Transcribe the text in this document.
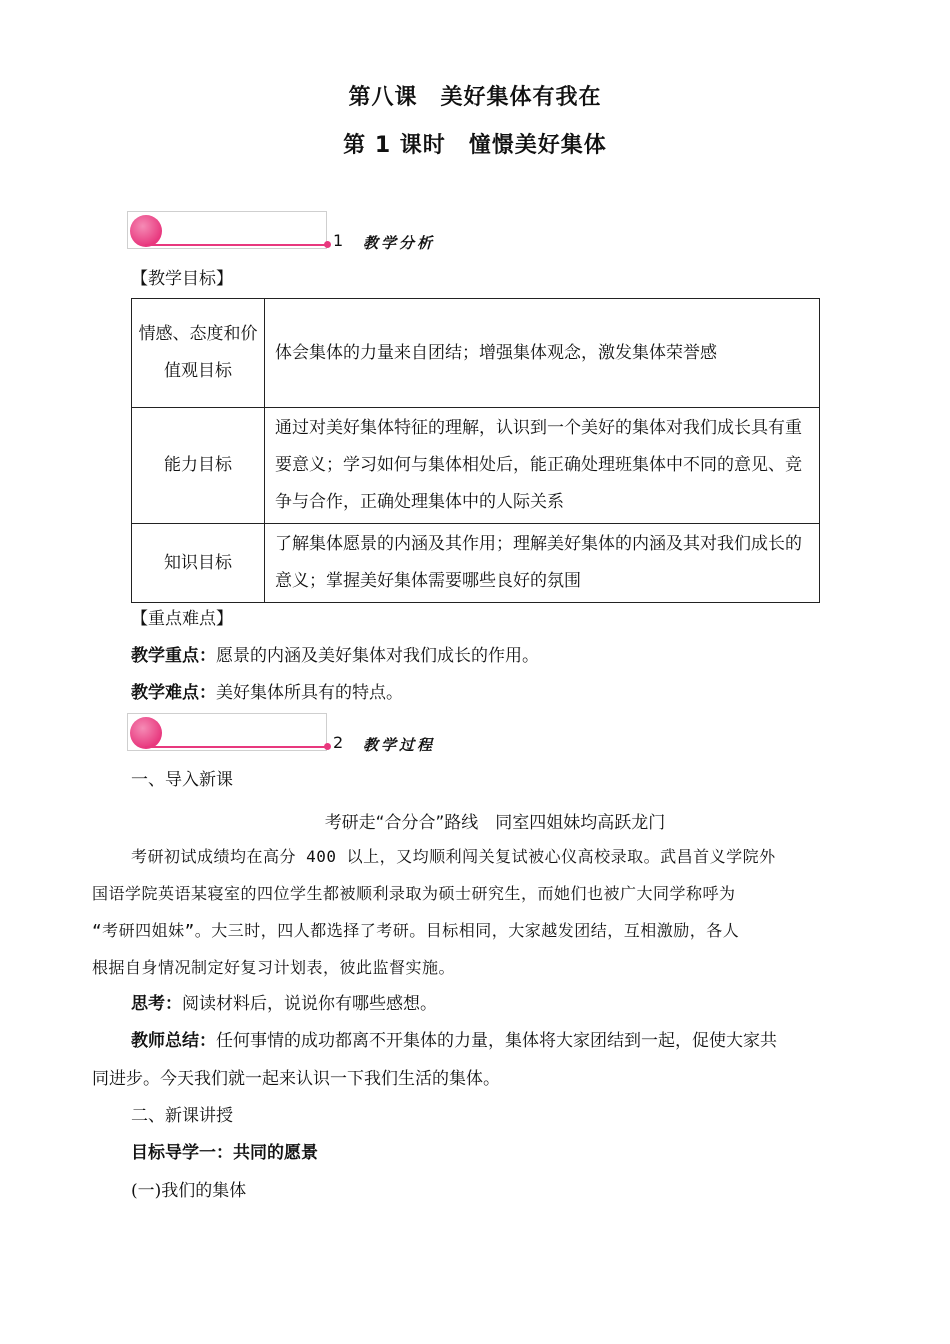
第八课　美好集体有我在
第 1 课时　憧憬美好集体
1 教学分析
【教学目标】
情感、态度和价值观目标	体会集体的力量来自团结；增强集体观念，激发集体荣誉感
能力目标	通过对美好集体特征的理解，认识到一个美好的集体对我们成长具有重要意义；学习如何与集体相处后，能正确处理班集体中不同的意见、竞争与合作，正确处理集体中的人际关系
知识目标	了解集体愿景的内涵及其作用；理解美好集体的内涵及其对我们成长的意义；掌握美好集体需要哪些良好的氛围
【重点难点】
教学重点：愿景的内涵及美好集体对我们成长的作用。
教学难点：美好集体所具有的特点。
2 教学过程
一、导入新课
考研走“合分合”路线　同室四姐妹均高跃龙门
考研初试成绩均在高分 400 以上，又均顺利闯关复试被心仪高校录取。武昌首义学院外
国语学院英语某寝室的四位学生都被顺利录取为硕士研究生，而她们也被广大同学称呼为
“考研四姐妹”。大三时，四人都选择了考研。目标相同，大家越发团结，互相激励，各人
根据自身情况制定好复习计划表，彼此监督实施。
思考：阅读材料后，说说你有哪些感想。
教师总结：任何事情的成功都离不开集体的力量，集体将大家团结到一起，促使大家共
同进步。今天我们就一起来认识一下我们生活的集体。
二、新课讲授
目标导学一：共同的愿景
(一)我们的集体
